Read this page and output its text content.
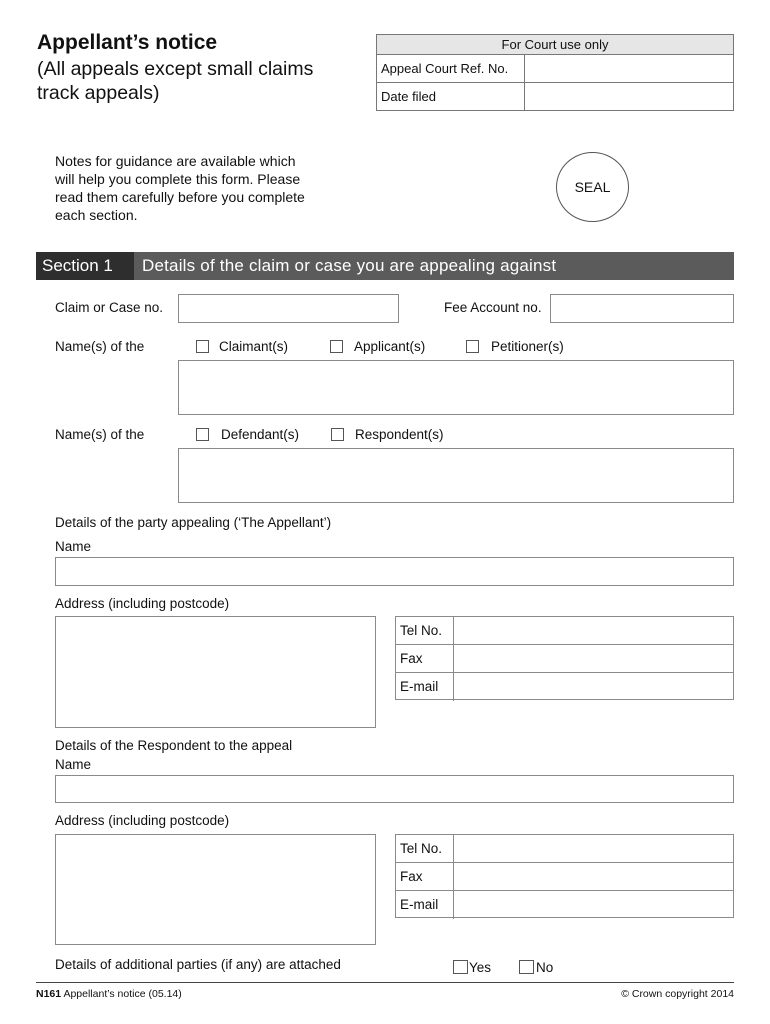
Appellant’s notice
(All appeals except small claims
track appeals)
For Court use only
Appeal Court Ref. No.
Date filed
Notes for guidance are available which
will help you complete this form. Please
read them carefully before you complete
each section.
SEAL
Section 1	Details of the claim or case you are appealing against
Claim or Case no.	Fee Account no.
Name(s) of the	Claimant(s)	Applicant(s)	Petitioner(s)
Name(s) of the	Defendant(s)	Respondent(s)
Details of the party appealing (‘The Appellant’)
Name
Address (including postcode)
Tel No.
Fax
E-mail
Details of the Respondent to the appeal
Name
Address (including postcode)
Tel No.
Fax
E-mail
Details of additional parties (if any) are attached	Yes	No
N161 Appellant’s notice (05.14)	© Crown copyright 2014
